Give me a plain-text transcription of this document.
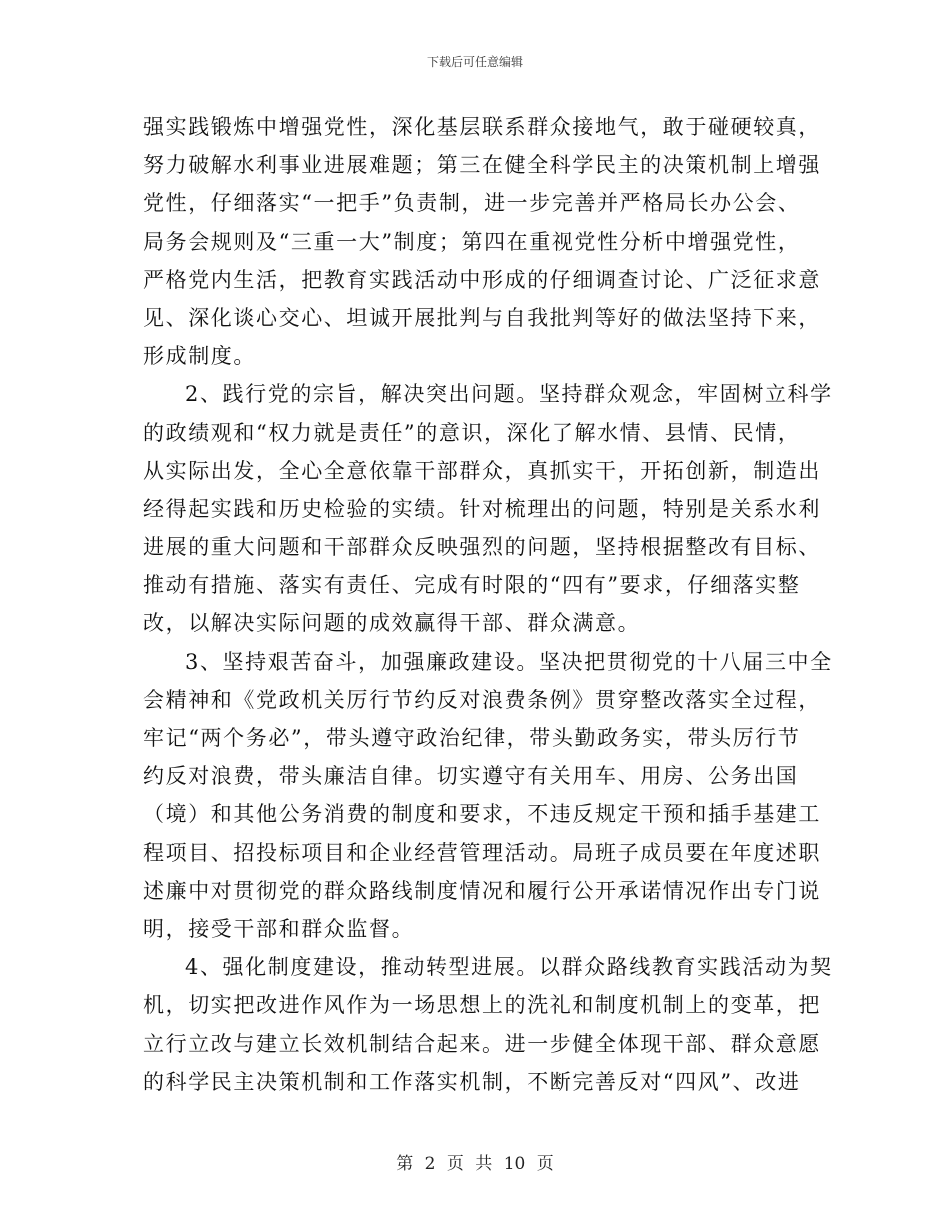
下载后可任意编辑
强实践锻炼中增强党性，深化基层联系群众接地气，敢于碰硬较真，
努力破解水利事业进展难题；第三在健全科学民主的决策机制上增强
党性，仔细落实“一把手”负责制，进一步完善并严格局长办公会、
局务会规则及“三重一大”制度；第四在重视党性分析中增强党性，
严格党内生活，把教育实践活动中形成的仔细调查讨论、广泛征求意
见、深化谈心交心、坦诚开展批判与自我批判等好的做法坚持下来，
形成制度。
2、践行党的宗旨，解决突出问题。坚持群众观念，牢固树立科学
的政绩观和“权力就是责任”的意识，深化了解水情、县情、民情，
从实际出发，全心全意依靠干部群众，真抓实干，开拓创新，制造出
经得起实践和历史检验的实绩。针对梳理出的问题，特别是关系水利
进展的重大问题和干部群众反映强烈的问题，坚持根据整改有目标、
推动有措施、落实有责任、完成有时限的“四有”要求，仔细落实整
改，以解决实际问题的成效赢得干部、群众满意。
3、坚持艰苦奋斗，加强廉政建设。坚决把贯彻党的十八届三中全
会精神和《党政机关厉行节约反对浪费条例》贯穿整改落实全过程，
牢记“两个务必”，带头遵守政治纪律，带头勤政务实，带头厉行节
约反对浪费，带头廉洁自律。切实遵守有关用车、用房、公务出国
（境）和其他公务消费的制度和要求，不违反规定干预和插手基建工
程项目、招投标项目和企业经营管理活动。局班子成员要在年度述职
述廉中对贯彻党的群众路线制度情况和履行公开承诺情况作出专门说
明，接受干部和群众监督。
4、强化制度建设，推动转型进展。以群众路线教育实践活动为契
机，切实把改进作风作为一场思想上的洗礼和制度机制上的变革，把
立行立改与建立长效机制结合起来。进一步健全体现干部、群众意愿
的科学民主决策机制和工作落实机制，不断完善反对“四风”、改进
第 2 页 共 10 页
